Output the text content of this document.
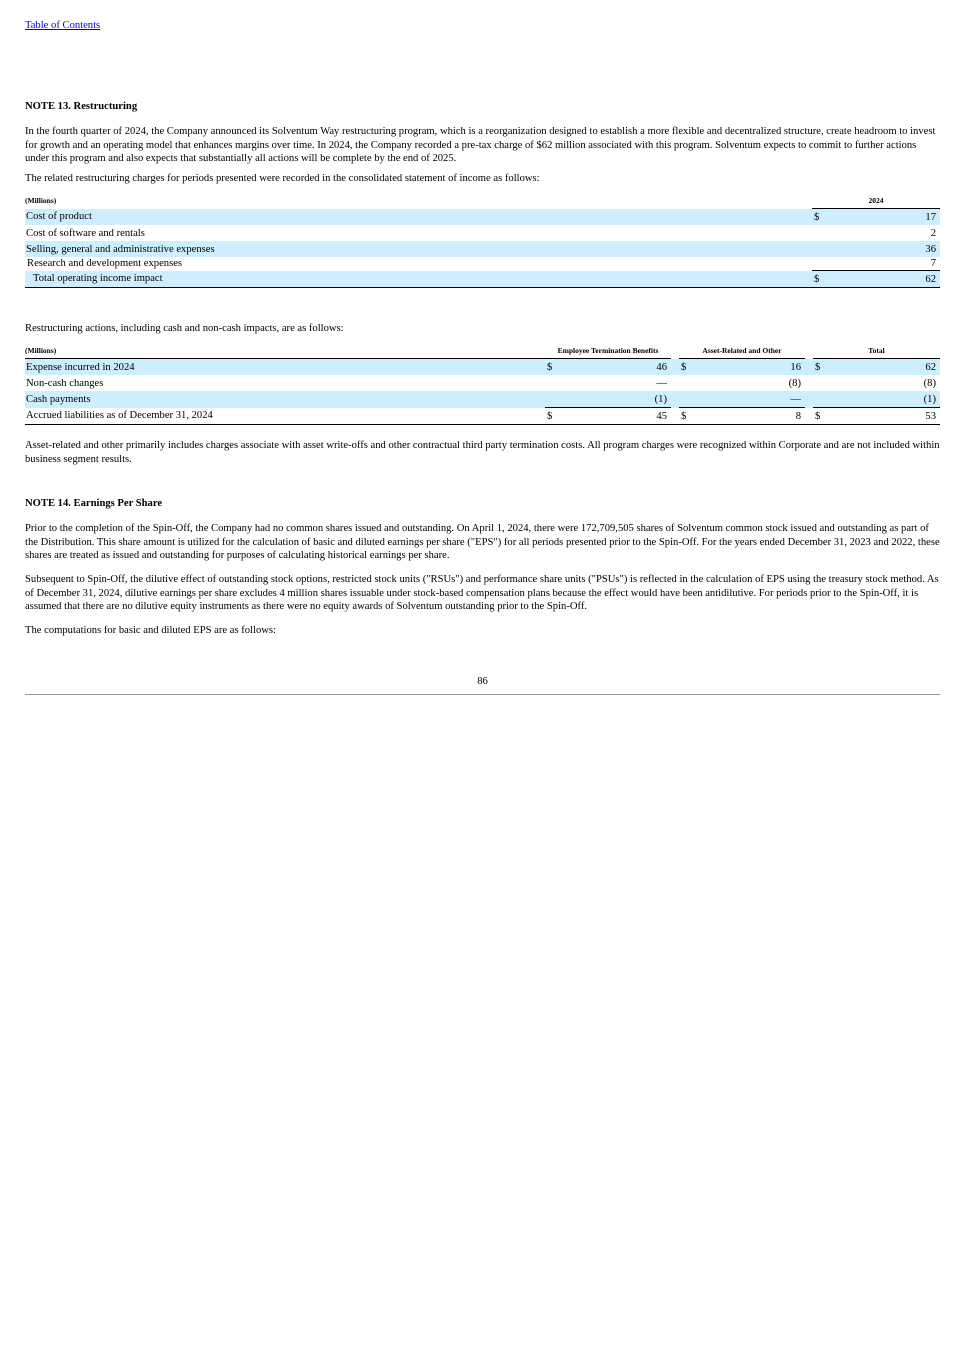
Table of Contents
NOTE 13. Restructuring
In the fourth quarter of 2024, the Company announced its Solventum Way restructuring program, which is a reorganization designed to establish a more flexible and decentralized structure, create headroom to invest for growth and an operating model that enhances margins over time. In 2024, the Company recorded a pre-tax charge of $62 million associated with this program. Solventum expects to commit to further actions under this program and also expects that substantially all actions will be complete by the end of 2025.
The related restructuring charges for periods presented were recorded in the consolidated statement of income as follows:
(Millions)	2024	
Cost of product	$	17
Cost of software and rentals		2
Selling, general and administrative expenses		36
Research and development expenses		7
Total operating income impact	$	62
Restructuring actions, including cash and non-cash impacts, are as follows:
(Millions)	Employee Termination Benefits			Asset-Related and Other			Total	
Expense incurred in 2024	$	46		$	16		$	62
Non-cash changes		—			(8)			(8)
Cash payments		(1)			—			(1)
Accrued liabilities as of December 31, 2024	$	45		$	8		$	53
Asset-related and other primarily includes charges associate with asset write-offs and other contractual third party termination costs. All program charges were recognized within Corporate and are not included within business segment results.
NOTE 14. Earnings Per Share
Prior to the completion of the Spin-Off, the Company had no common shares issued and outstanding. On April 1, 2024, there were 172,709,505 shares of Solventum common stock issued and outstanding as part of the Distribution. This share amount is utilized for the calculation of basic and diluted earnings per share ("EPS") for all periods presented prior to the Spin-Off. For the years ended December 31, 2023 and 2022, these shares are treated as issued and outstanding for purposes of calculating historical earnings per share.
Subsequent to Spin-Off, the dilutive effect of outstanding stock options, restricted stock units ("RSUs") and performance share units ("PSUs") is reflected in the calculation of EPS using the treasury stock method. As of December 31, 2024, dilutive earnings per share excludes 4 million shares issuable under stock-based compensation plans because the effect would have been antidilutive. For periods prior to the Spin-Off, it is assumed that there are no dilutive equity instruments as there were no equity awards of Solventum outstanding prior to the Spin-Off.
The computations for basic and diluted EPS are as follows:
86
